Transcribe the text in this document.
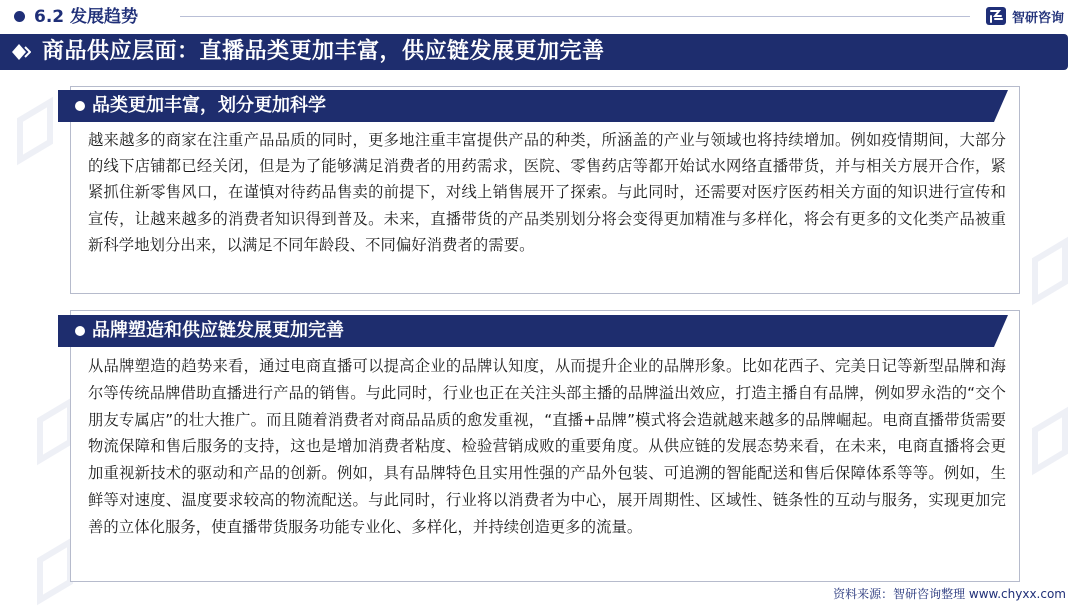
6.2 发展趋势	智研咨询
商品供应层面：直播品类更加丰富，供应链发展更加完善
品类更加丰富，划分更加科学

越来越多的商家在注重产品品质的同时，更多地注重丰富提供产品的种类，所涵盖的产业与领域也将持续增加。例如疫情期间，大部分的线下店铺都已经关闭，但是为了能够满足消费者的用药需求，医院、零售药店等都开始试水网络直播带货，并与相关方展开合作，紧紧抓住新零售风口，在谨慎对待药品售卖的前提下，对线上销售展开了探索。与此同时，还需要对医疗医药相关方面的知识进行宣传和宣传，让越来越多的消费者知识得到普及。未来，直播带货的产品类别划分将会变得更加精准与多样化，将会有更多的文化类产品被重新科学地划分出来，以满足不同年龄段、不同偏好消费者的需要。

品牌塑造和供应链发展更加完善

从品牌塑造的趋势来看，通过电商直播可以提高企业的品牌认知度，从而提升企业的品牌形象。比如花西子、完美日记等新型品牌和海尔等传统品牌借助直播进行产品的销售。与此同时，行业也正在关注头部主播的品牌溢出效应，打造主播自有品牌，例如罗永浩的“交个朋友专属店”的壮大推广。而且随着消费者对商品品质的愈发重视，“直播+品牌”模式将会造就越来越多的品牌崛起。电商直播带货需要物流保障和售后服务的支持，这也是增加消费者粘度、检验营销成败的重要角度。从供应链的发展态势来看，在未来，电商直播将会更加重视新技术的驱动和产品的创新。例如，具有品牌特色且实用性强的产品外包装、可追溯的智能配送和售后保障体系等等。例如，生鲜等对速度、温度要求较高的物流配送。与此同时，行业将以消费者为中心，展开周期性、区域性、链条性的互动与服务，实现更加完善的立体化服务，使直播带货服务功能专业化、多样化，并持续创造更多的流量。

资料来源：智研咨询整理 www.chyxx.com
